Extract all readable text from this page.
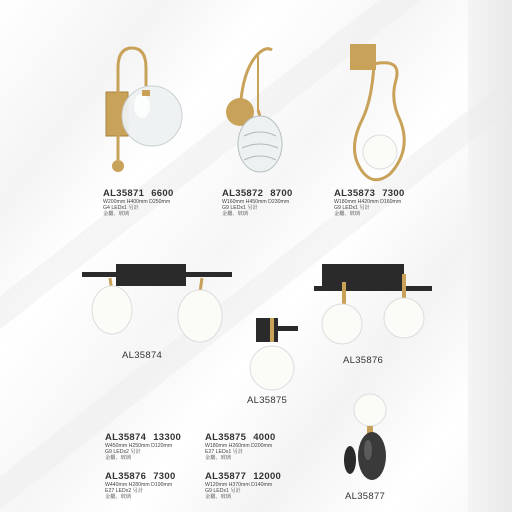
AL35871 6600
W200mm H400mm D250mm
G4 LEDx1 另計
金屬、玻璃
AL35872 8700
W160mm H450mm D230mm
G9 LEDx1 另計
金屬、玻璃
AL35873 7300
W180mm H420mm D160mm
G9 LEDx1 另計
金屬、玻璃
AL35874
AL35875
AL35876
AL35877
AL35874 13300
W450mm H250mm D120mm
G9 LEDx2 另計
金屬、玻璃
AL35875 4000
W180mm H260mm D200mm
E27 LEDx1 另計
金屬、玻璃
AL35876 7300
W440mm H280mm D190mm
E27 LEDx2 另計
金屬、玻璃
AL35877 12000
W120mm H370mm D140mm
G9 LEDx1 另計
金屬、玻璃
